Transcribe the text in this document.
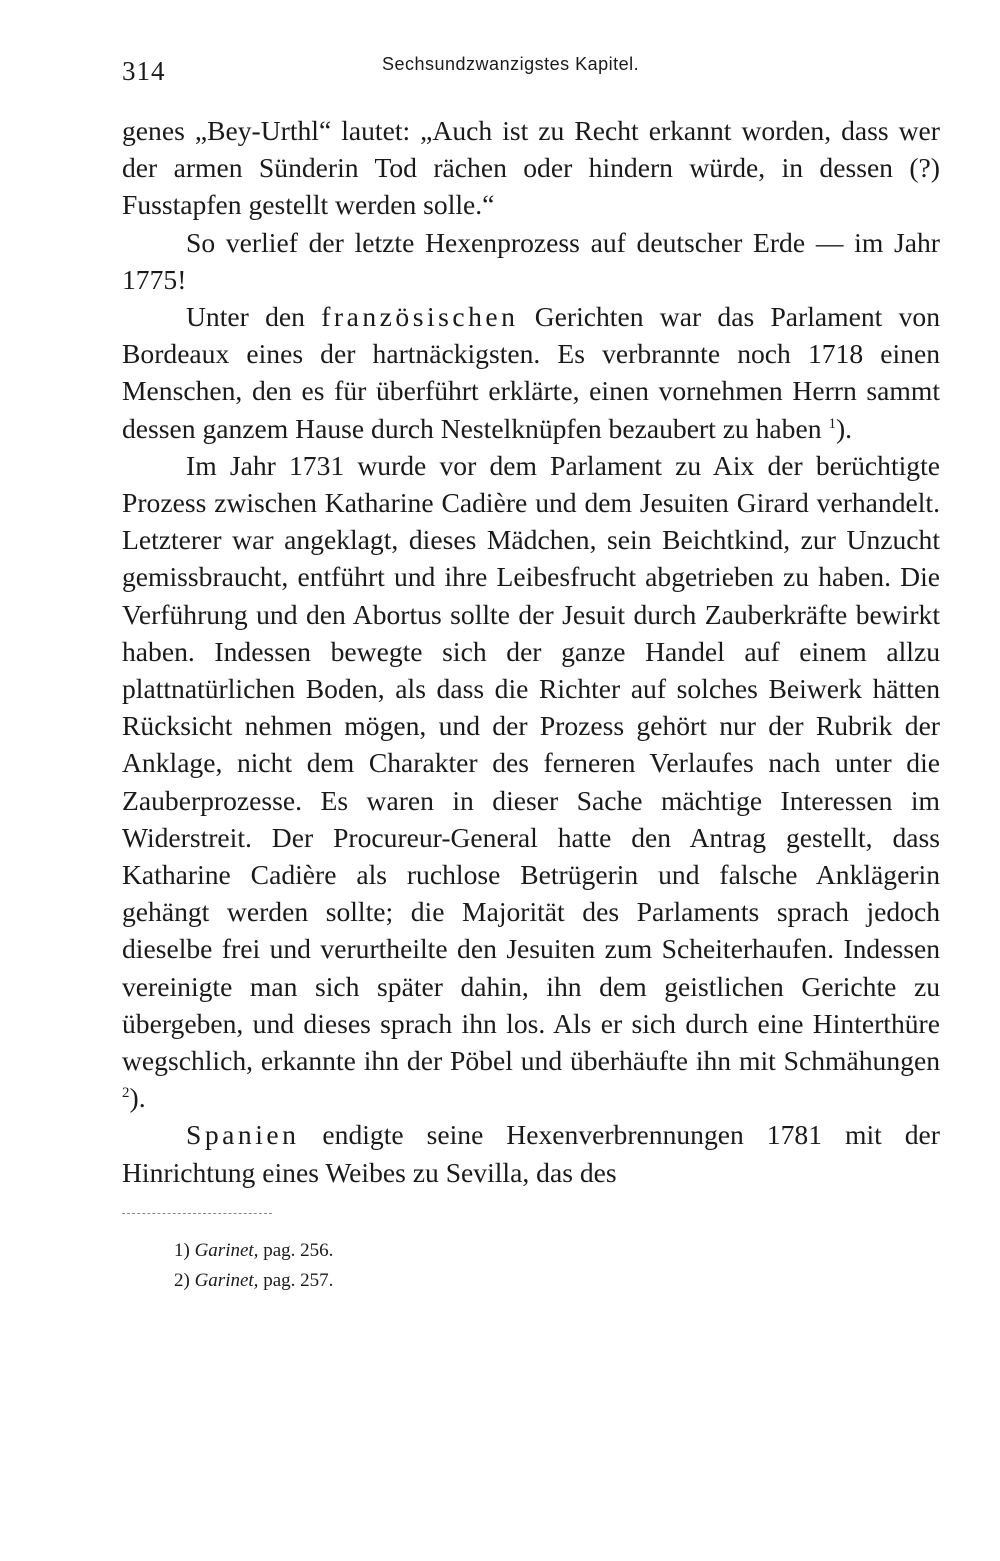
314	Sechsundzwanzigstes Kapitel.

genes „Bey-Urthl“ lautet: „Auch ist zu Recht erkannt worden, dass wer der armen Sünderin Tod rächen oder hindern würde, in dessen (?) Fusstapfen gestellt werden solle.“

So verlief der letzte Hexenprozess auf deutscher Erde — im Jahr 1775!

Unter den französischen Gerichten war das Parlament von Bordeaux eines der hartnäckigsten. Es verbrannte noch 1718 einen Menschen, den es für überführt erklärte, einen vornehmen Herrn sammt dessen ganzem Hause durch Nestelknüpfen bezaubert zu haben $^1$).

Im Jahr 1731 wurde vor dem Parlament zu Aix der berüchtigte Prozess zwischen Katharine Cadière und dem Jesuiten Girard verhandelt. Letzterer war angeklagt, dieses Mädchen, sein Beichtkind, zur Unzucht gemissbraucht, entführt und ihre Leibesfrucht abgetrieben zu haben. Die Verführung und den Abortus sollte der Jesuit durch Zauberkräfte bewirkt haben. Indessen bewegte sich der ganze Handel auf einem allzu plattnatürlichen Boden, als dass die Richter auf solches Beiwerk hätten Rücksicht nehmen mögen, und der Prozess gehört nur der Rubrik der Anklage, nicht dem Charakter des ferneren Verlaufes nach unter die Zauberprozesse. Es waren in dieser Sache mächtige Interessen im Widerstreit. Der Procureur-General hatte den Antrag gestellt, dass Katharine Cadière als ruchlose Betrügerin und falsche Anklägerin gehängt werden sollte; die Majorität des Parlaments sprach jedoch dieselbe frei und verurtheilte den Jesuiten zum Scheiterhaufen. Indessen vereinigte man sich später dahin, ihn dem geistlichen Gerichte zu übergeben, und dieses sprach ihn los. Als er sich durch eine Hinterthüre wegschlich, erkannte ihn der Pöbel und überhäufte ihn mit Schmähungen $^2$).

Spanien endigte seine Hexenverbrennungen 1781 mit der Hinrichtung eines Weibes zu Sevilla, das des

1) Garinet, pag. 256.
2) Garinet, pag. 257.
